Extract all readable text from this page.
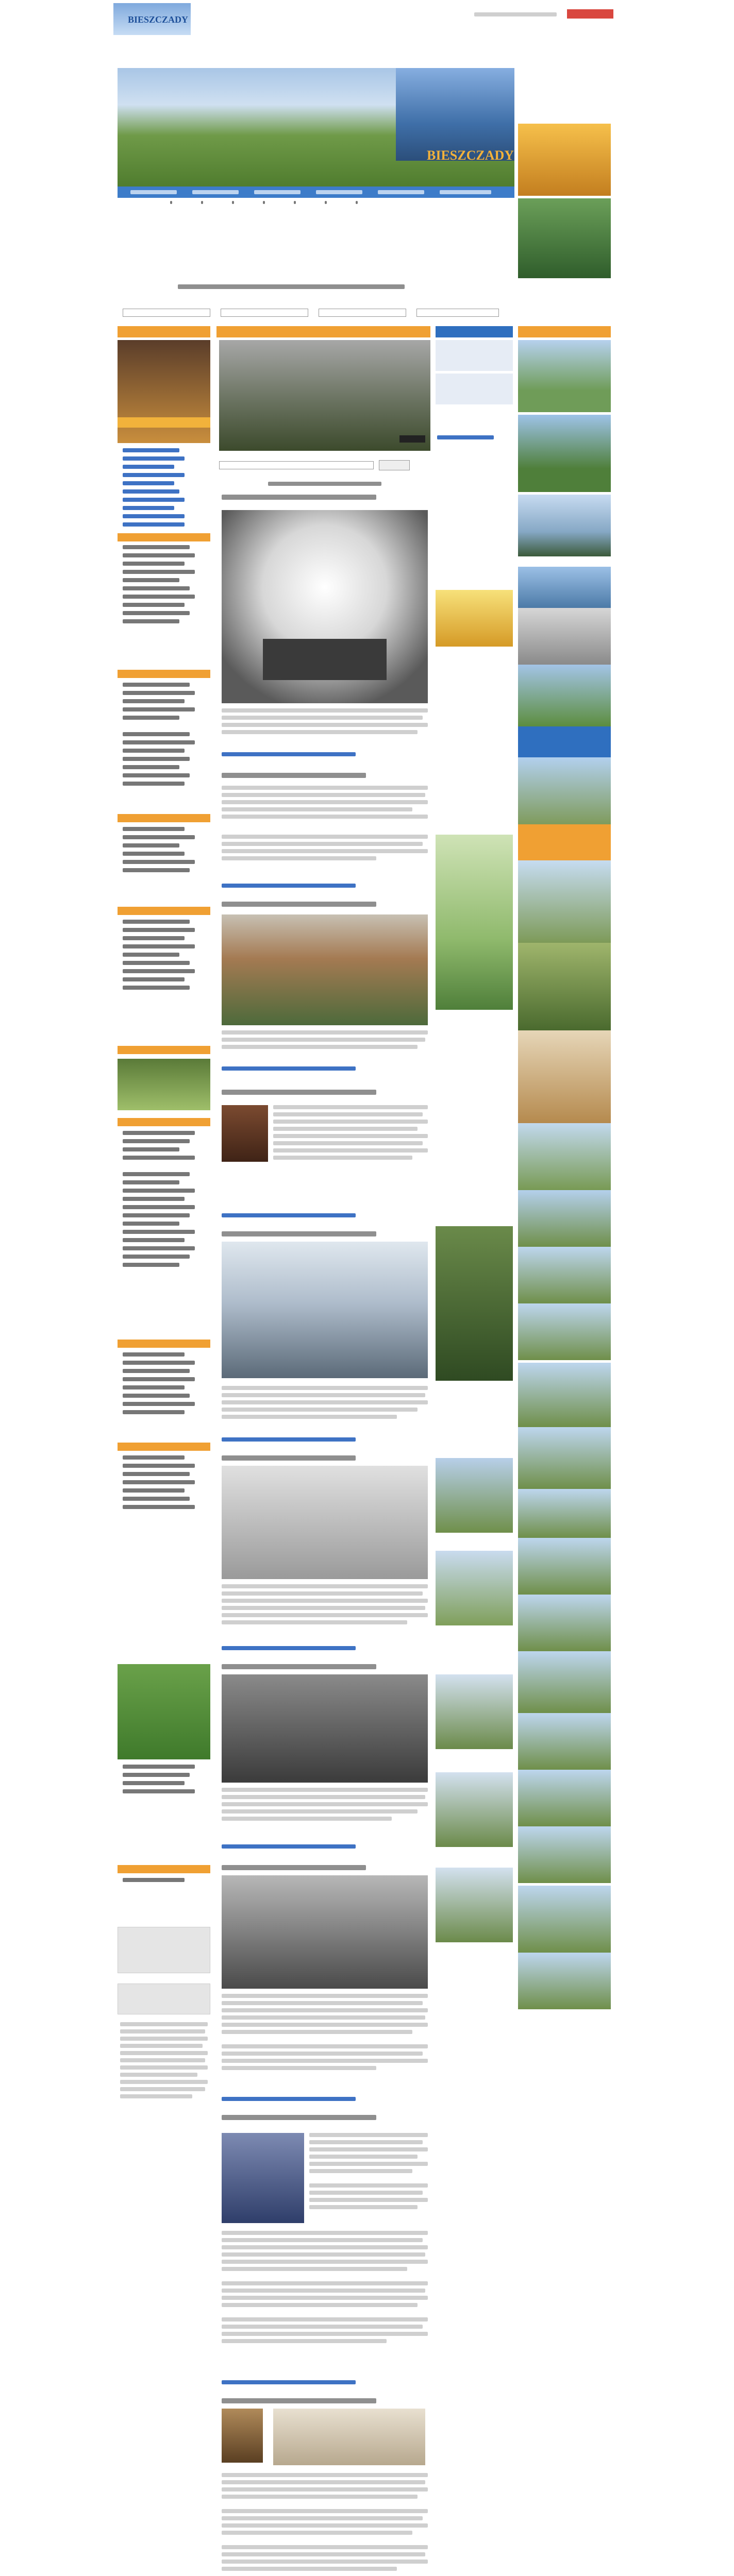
BIESZCZADY
BIESZCZADY
